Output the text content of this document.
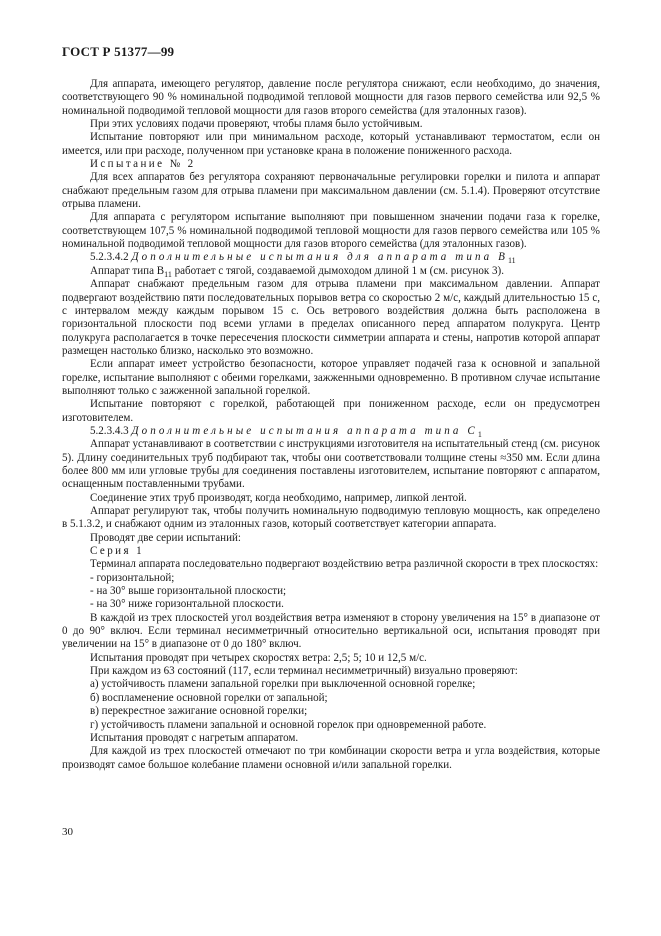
ГОСТ Р 51377—99

Для аппарата, имеющего регулятор, давление после регулятора снижают, если необходимо, до значения, соответствующего 90 % номинальной подводимой тепловой мощности для газов первого семейства или 92,5 % номинальной подводимой тепловой мощности для газов второго семейства (для эталонных газов).

При этих условиях подачи проверяют, чтобы пламя было устойчивым.

Испытание повторяют или при минимальном расходе, который устанавливают термостатом, если он имеется, или при расходе, полученном при установке крана в положение пониженного расхода.

Испытание № 2

Для всех аппаратов без регулятора сохраняют первоначальные регулировки горелки и пилота и аппарат снабжают предельным газом для отрыва пламени при максимальном давлении (см. 5.1.4). Проверяют отсутствие отрыва пламени.

Для аппарата с регулятором испытание выполняют при повышенном значении подачи газа к горелке, соответствующем 107,5 % номинальной подводимой тепловой мощности для газов первого семейства или 105 % номинальной подводимой тепловой мощности для газов второго семейства (для эталонных газов).

5.2.3.4.2 Дополнительные испытания для аппарата типа $B_{11}$

Аппарат типа $B_{11}$ работает с тягой, создаваемой дымоходом длиной 1 м (см. рисунок 3).

Аппарат снабжают предельным газом для отрыва пламени при максимальном давлении. Аппарат подвергают воздействию пяти последовательных порывов ветра со скоростью 2 м/с, каждый длительностью 15 с, с интервалом между каждым порывом 15 с. Ось ветрового воздействия должна быть расположена в горизонтальной плоскости под всеми углами в пределах описанного перед аппаратом полукруга. Центр полукруга располагается в точке пересечения плоскости симметрии аппарата и стены, напротив которой аппарат размещен настолько близко, насколько это возможно.

Если аппарат имеет устройство безопасности, которое управляет подачей газа к основной и запальной горелке, испытание выполняют с обеими горелками, зажженными одновременно. В противном случае испытание выполняют только с зажженной запальной горелкой.

Испытание повторяют с горелкой, работающей при пониженном расходе, если он предусмотрен изготовителем.

5.2.3.4.3 Дополнительные испытания аппарата типа $C_1$

Аппарат устанавливают в соответствии с инструкциями изготовителя на испытательный стенд (см. рисунок 5). Длину соединительных труб подбирают так, чтобы они соответствовали толщине стены ≈350 мм. Если длина более 800 мм или угловые трубы для соединения поставлены изготовителем, испытание повторяют с аппаратом, оснащенным поставленными трубами.

Соединение этих труб производят, когда необходимо, например, липкой лентой.

Аппарат регулируют так, чтобы получить номинальную подводимую тепловую мощность, как определено в 5.1.3.2, и снабжают одним из эталонных газов, который соответствует категории аппарата.

Проводят две серии испытаний:

Серия 1

Терминал аппарата последовательно подвергают воздействию ветра различной скорости в трех плоскостях:

- горизонтальной;

- на 30° выше горизонтальной плоскости;

- на 30° ниже горизонтальной плоскости.

В каждой из трех плоскостей угол воздействия ветра изменяют в сторону увеличения на 15° в диапазоне от 0 до 90° включ. Если терминал несимметричный относительно вертикальной оси, испытания проводят при увеличении на 15° в диапазоне от 0 до 180° включ.

Испытания проводят при четырех скоростях ветра: 2,5; 5; 10 и 12,5 м/с.

При каждом из 63 состояний (117, если терминал несимметричный) визуально проверяют:

а) устойчивость пламени запальной горелки при выключенной основной горелке;

б) воспламенение основной горелки от запальной;

в) перекрестное зажигание основной горелки;

г) устойчивость пламени запальной и основной горелок при одновременной работе.

Испытания проводят с нагретым аппаратом.

Для каждой из трех плоскостей отмечают по три комбинации скорости ветра и угла воздействия, которые производят самое большое колебание пламени основной и/или запальной горелки.

30
